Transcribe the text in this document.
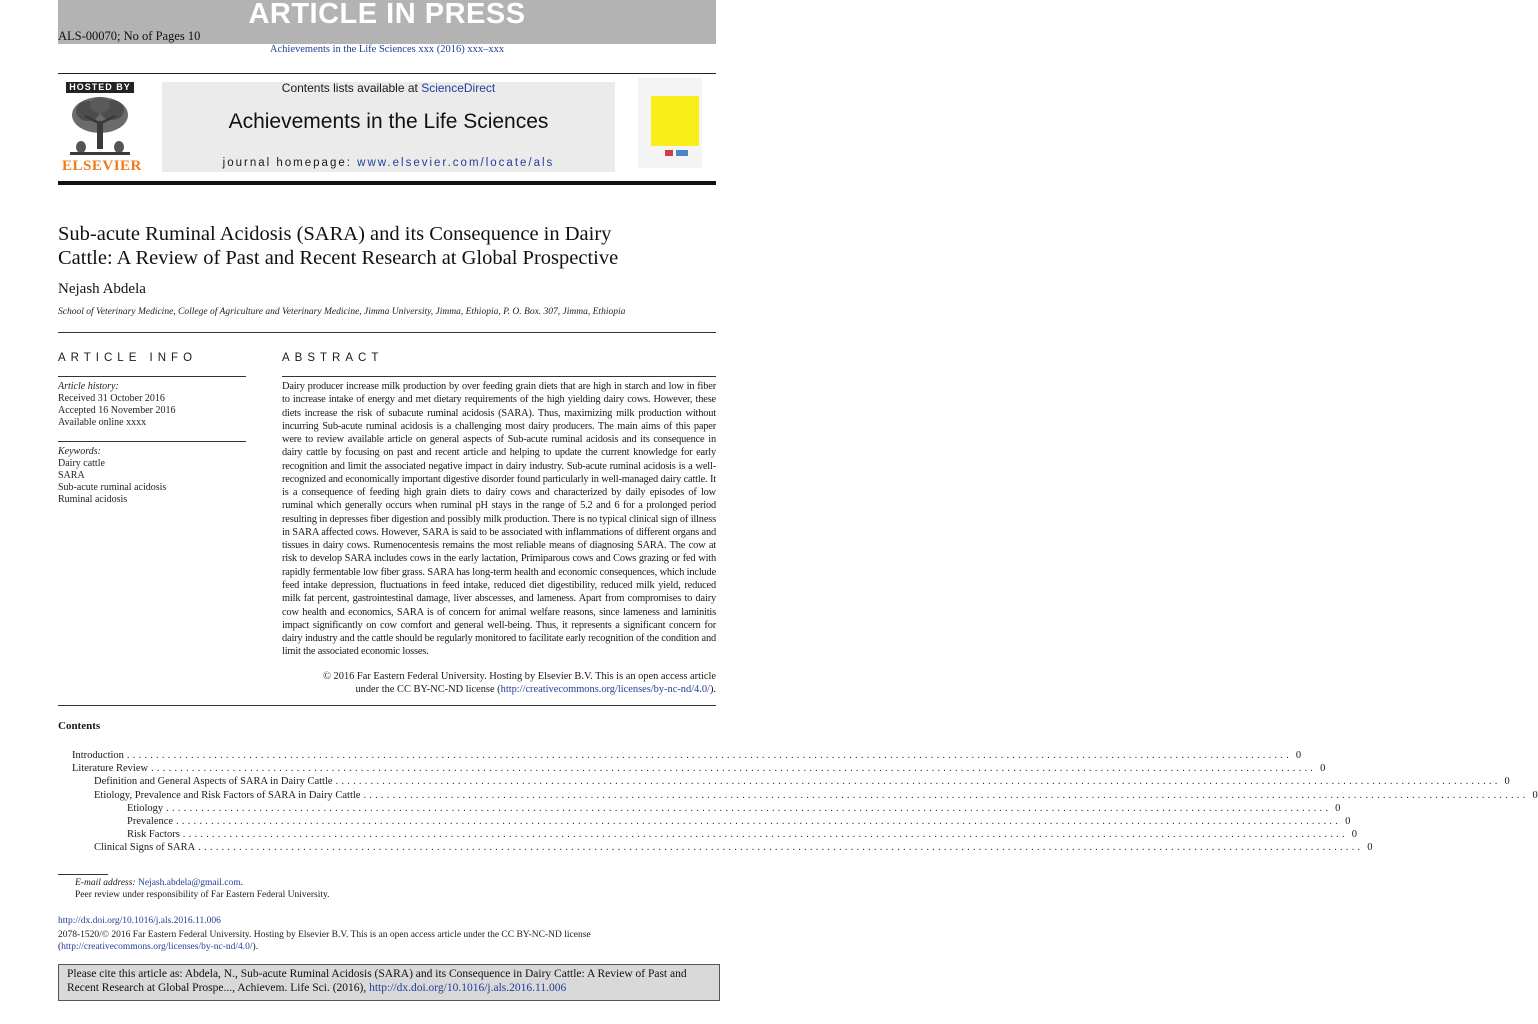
ARTICLE IN PRESS
ALS-00070; No of Pages 10
Achievements in the Life Sciences xxx (2016) xxx–xxx
HOSTED BY
ELSEVIER
Contents lists available at ScienceDirect
Achievements in the Life Sciences
journal homepage: www.elsevier.com/locate/als
Sub-acute Ruminal Acidosis (SARA) and its Consequence in Dairy
Cattle: A Review of Past and Recent Research at Global Prospective
Nejash Abdela
School of Veterinary Medicine, College of Agriculture and Veterinary Medicine, Jimma University, Jimma, Ethiopia, P. O. Box. 307, Jimma, Ethiopia
ARTICLE INFO	ABSTRACT
Article history:
Received 31 October 2016
Accepted 16 November 2016
Available online xxxx
Keywords:
Dairy cattle
SARA
Sub-acute ruminal acidosis
Ruminal acidosis
Dairy producer increase milk production by over feeding grain diets that are high in starch and low in fiber to increase intake of energy and met dietary requirements of the high yielding dairy cows. However, these diets increase the risk of subacute ruminal acidosis (SARA). Thus, maximizing milk production without incurring Sub-acute ruminal acidosis is a challenging most dairy producers. The main aims of this paper were to review available article on general aspects of Sub-acute ruminal acidosis and its consequence in dairy cattle by focusing on past and recent article and helping to update the current knowledge for early recognition and limit the associated negative impact in dairy industry. Sub-acute ruminal acidosis is a well-recognized and economically important digestive disorder found particularly in well-managed dairy cattle. It is a consequence of feeding high grain diets to dairy cows and characterized by daily episodes of low ruminal which generally occurs when ruminal pH stays in the range of 5.2 and 6 for a prolonged period resulting in depresses fiber digestion and possibly milk production. There is no typical clinical sign of illness in SARA affected cows. However, SARA is said to be associated with inflammations of different organs and tissues in dairy cows. Rumenocentesis remains the most reliable means of diagnosing SARA. The cow at risk to develop SARA includes cows in the early lactation, Primiparous cows and Cows grazing or fed with rapidly fermentable low fiber grass. SARA has long-term health and economic consequences, which include feed intake depression, fluctuations in feed intake, reduced diet digestibility, reduced milk yield, reduced milk fat percent, gastrointestinal damage, liver abscesses, and lameness. Apart from compromises to dairy cow health and economics, SARA is of concern for animal welfare reasons, since lameness and laminitis impact significantly on cow comfort and general well-being. Thus, it represents a significant concern for dairy industry and the cattle should be regularly monitored to facilitate early recognition of the condition and limit the associated economic losses.
© 2016 Far Eastern Federal University. Hosting by Elsevier B.V. This is an open access article
under the CC BY-NC-ND license (http://creativecommons.org/licenses/by-nc-nd/4.0/).
Contents
Introduction ........................................................................................................................................................................................................ 0
Literature Review ........................................................................................................................................................................................................ 0
Definition and General Aspects of SARA in Dairy Cattle ........................................................................................................................................................................................................ 0
Etiology, Prevalence and Risk Factors of SARA in Dairy Cattle ........................................................................................................................................................................................................ 0
Etiology ........................................................................................................................................................................................................ 0
Prevalence ........................................................................................................................................................................................................ 0
Risk Factors ........................................................................................................................................................................................................ 0
Clinical Signs of SARA ........................................................................................................................................................................................................ 0
E-mail address: Nejash.abdela@gmail.com.
Peer review under responsibility of Far Eastern Federal University.
http://dx.doi.org/10.1016/j.als.2016.11.006
2078-1520/© 2016 Far Eastern Federal University. Hosting by Elsevier B.V. This is an open access article under the CC BY-NC-ND license (http://creativecommons.org/licenses/by-nc-nd/4.0/).
Please cite this article as: Abdela, N., Sub-acute Ruminal Acidosis (SARA) and its Consequence in Dairy Cattle: A Review of Past and Recent Research at Global Prospe..., Achievem. Life Sci. (2016), http://dx.doi.org/10.1016/j.als.2016.11.006
